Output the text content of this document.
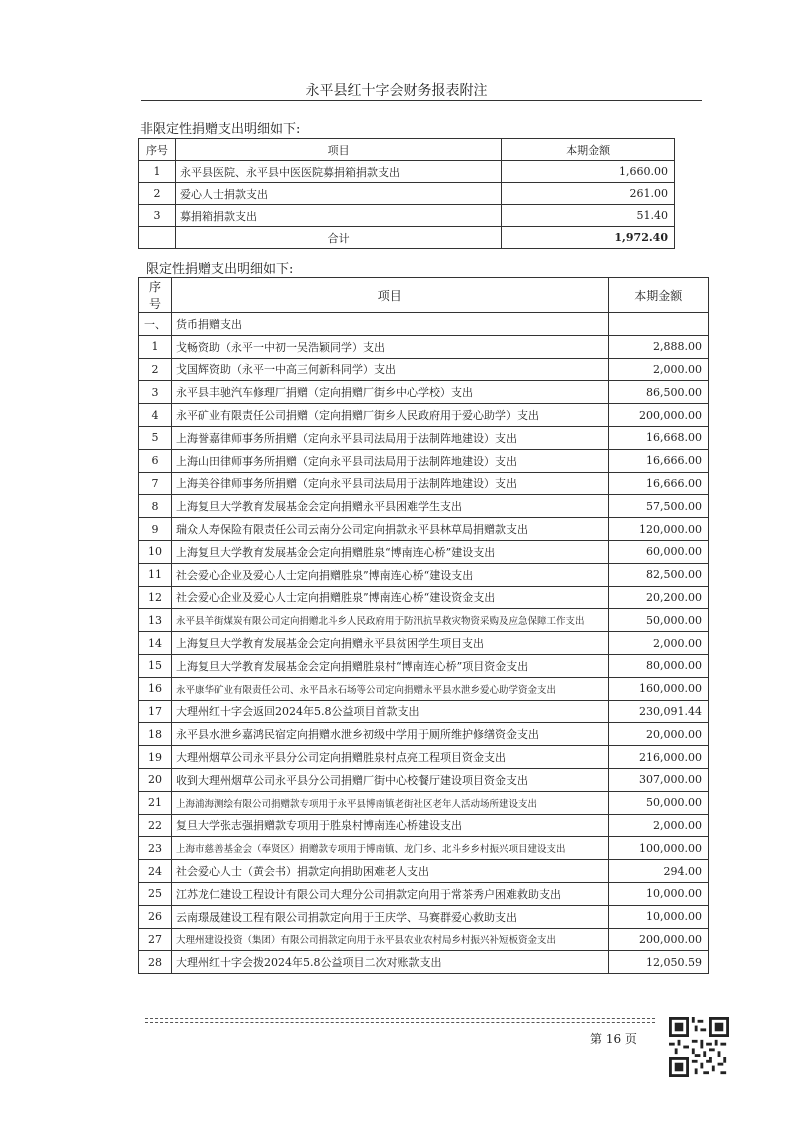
永平县红十字会财务报表附注
非限定性捐赠支出明细如下:
序号	项目	本期金额
1	永平县医院、永平县中医医院募捐箱捐款支出	1,660.00
2	爱心人士捐款支出	261.00
3	募捐箱捐款支出	51.40
	合计	1,972.40
限定性捐赠支出明细如下:
序号	项目	本期金额
一、	货币捐赠支出	
1	戈畅资助（永平一中初一吴浩颖同学）支出	2,888.00
2	戈国辉资助（永平一中高三何新科同学）支出	2,000.00
3	永平县丰驰汽车修理厂捐赠（定向捐赠厂街乡中心学校）支出	86,500.00
4	永平矿业有限责任公司捐赠（定向捐赠厂街乡人民政府用于爱心助学）支出	200,000.00
5	上海誉嘉律师事务所捐赠（定向永平县司法局用于法制阵地建设）支出	16,668.00
6	上海山田律师事务所捐赠（定向永平县司法局用于法制阵地建设）支出	16,666.00
7	上海美谷律师事务所捐赠（定向永平县司法局用于法制阵地建设）支出	16,666.00
8	上海复旦大学教育发展基金会定向捐赠永平县困难学生支出	57,500.00
9	瑞众人寿保险有限责任公司云南分公司定向捐款永平县林草局捐赠款支出	120,000.00
10	上海复旦大学教育发展基金会定向捐赠胜泉“博南连心桥”建设支出	60,000.00
11	社会爱心企业及爱心人士定向捐赠胜泉”博南连心桥“建设支出	82,500.00
12	社会爱心企业及爱心人士定向捐赠胜泉”博南连心桥“建设资金支出	20,200.00
13	永平县羊街煤炭有限公司定向捐赠北斗乡人民政府用于防汛抗旱救灾物资采购及应急保障工作支出	50,000.00
14	上海复旦大学教育发展基金会定向捐赠永平县贫困学生项目支出	2,000.00
15	上海复旦大学教育发展基金会定向捐赠胜泉村“博南连心桥”项目资金支出	80,000.00
16	永平康华矿业有限责任公司、永平昌永石场等公司定向捐赠永平县水泄乡爱心助学资金支出	160,000.00
17	大理州红十字会返回2024年5.8公益项目首款支出	230,091.44
18	永平县水泄乡嘉鸿民宿定向捐赠水泄乡初级中学用于厕所维护修缮资金支出	20,000.00
19	大理州烟草公司永平县分公司定向捐赠胜泉村点亮工程项目资金支出	216,000.00
20	收到大理州烟草公司永平县分公司捐赠厂街中心校餐厅建设项目资金支出	307,000.00
21	上海浦海测绘有限公司捐赠款专项用于永平县博南镇老街社区老年人活动场所建设支出	50,000.00
22	复旦大学张志强捐赠款专项用于胜泉村博南连心桥建设支出	2,000.00
23	上海市慈善基金会（奉贤区）捐赠款专项用于博南镇、龙门乡、北斗乡乡村振兴项目建设支出	100,000.00
24	社会爱心人士（黄会书）捐款定向捐助困难老人支出	294.00
25	江苏龙仁建设工程设计有限公司大理分公司捐款定向用于常茶秀户困难救助支出	10,000.00
26	云南璟晟建设工程有限公司捐款定向用于王庆学、马赛群爱心救助支出	10,000.00
27	大理州建设投资（集团）有限公司捐款定向用于永平县农业农村局乡村振兴补短板资金支出	200,000.00
28	大理州红十字会拨2024年5.8公益项目二次对账款支出	12,050.59
第 16 页
